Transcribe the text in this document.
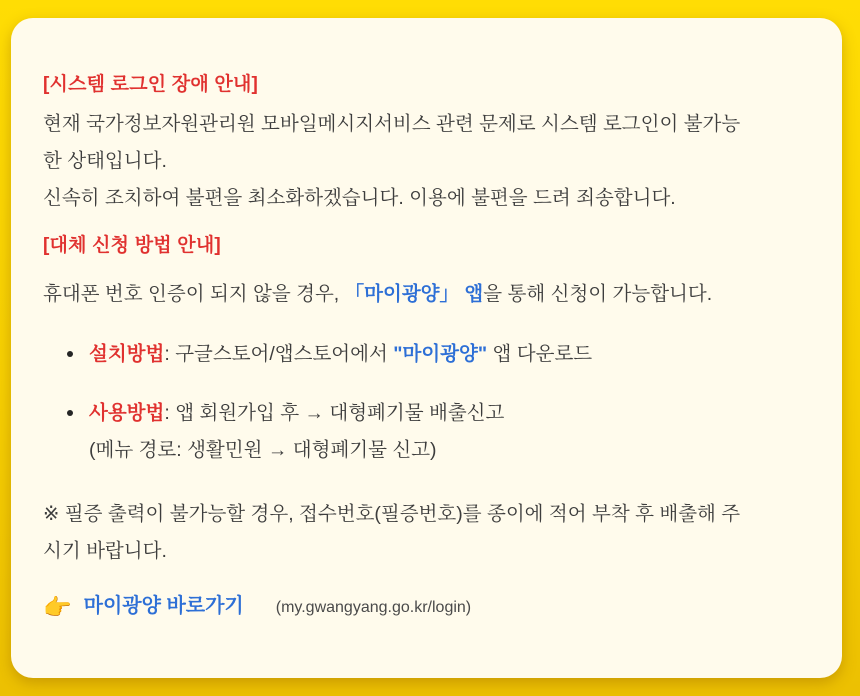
[시스템 로그인 장애 안내]
현재 국가정보자원관리원 모바일메시지서비스 관련 문제로 시스템 로그인이 불가능
한 상태입니다.
신속히 조치하여 불편을 최소화하겠습니다. 이용에 불편을 드려 죄송합니다.
[대체 신청 방법 안내]
휴대폰 번호 인증이 되지 않을 경우, 「마이광양」 앱을 통해 신청이 가능합니다.
설치방법: 구글스토어/앱스토어에서 "마이광양" 앱 다운로드
사용방법: 앱 회원가입 후 → 대형폐기물 배출신고
(메뉴 경로: 생활민원 → 대형폐기물 신고)
※ 필증 출력이 불가능할 경우, 접수번호(필증번호)를 종이에 적어 부착 후 배출해 주
시기 바랍니다.
👉 마이광양 바로가기 (my.gwangyang.go.kr/login)
